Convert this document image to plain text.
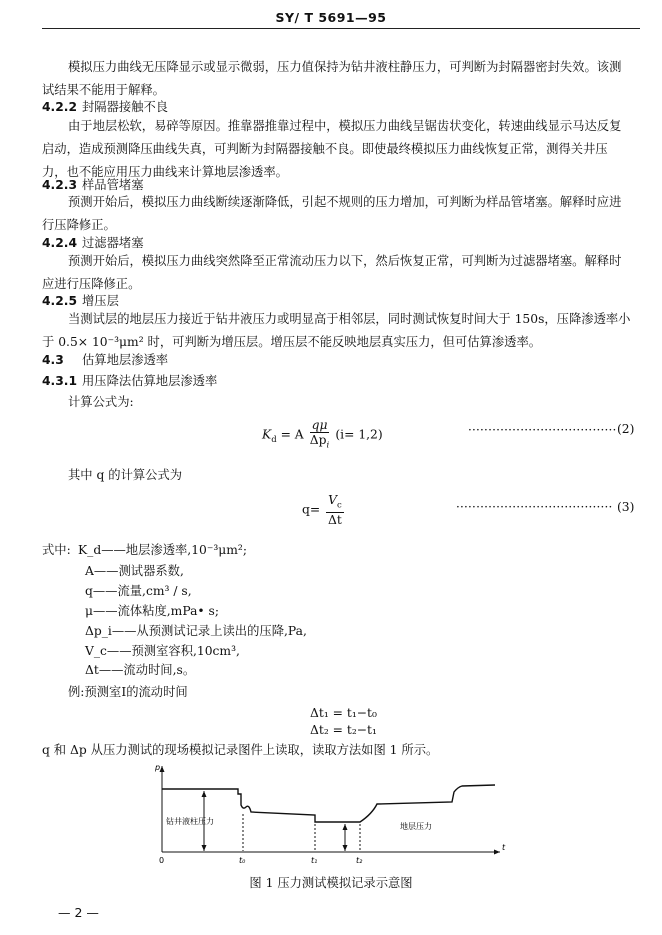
SY/ T 5691—95
模拟压力曲线无压降显示或显示微弱，压力值保持为钻井液柱静压力，可判断为封隔器密封失效。该测试结果不能用于解释。
4.2.2 封隔器接触不良
由于地层松软，易碎等原因。推靠器推靠过程中，模拟压力曲线呈锯齿状变化，转速曲线显示马达反复启动，造成预测降压曲线失真，可判断为封隔器接触不良。即使最终模拟压力曲线恢复正常，测得关井压力，也不能应用压力曲线来计算地层渗透率。
4.2.3 样品管堵塞
预测开始后，模拟压力曲线断续逐渐降低，引起不规则的压力增加，可判断为样品管堵塞。解释时应进行压降修正。
4.2.4 过滤器堵塞
预测开始后，模拟压力曲线突然降至正常流动压力以下，然后恢复正常，可判断为过滤器堵塞。解释时应进行压降修正。
4.2.5 增压层
当测试层的地层压力接近于钻井液压力或明显高于相邻层，同时测试恢复时间大于 150s，压降渗透率小于 0.5× 10⁻³μm² 时，可判断为增压层。增压层不能反映地层真实压力，但可估算渗透率。
4.3 估算地层渗透率
4.3.1 用压降法估算地层渗透率
计算公式为:
$K_d = A \frac{q\mu}{\Delta p_i} (i= 1,2)$	····································· (2)
其中 q 的计算公式为
$q= \frac{V_c}{\Delta t}$	······································· (3)
式中: K_d——地层渗透率,10⁻³μm²;
A——测试器系数,
q——流量,cm³ / s,
μ——流体粘度,mPa• s;
Δp_i——从预测试记录上读出的压降,Pa,
V_c——预测室容积,10cm³,
Δt——流动时间,s。
例:预测室Ⅰ的流动时间
Δt₁ = t₁−t₀
Δt₂ = t₂−t₁
q 和 Δp 从压力测试的现场模拟记录图件上读取，读取方法如图 1 所示。
p
t
0	t₀	t₁	t₂
钻井液柱压力
地层压力
图 1 压力测试模拟记录示意图
— 2 —
